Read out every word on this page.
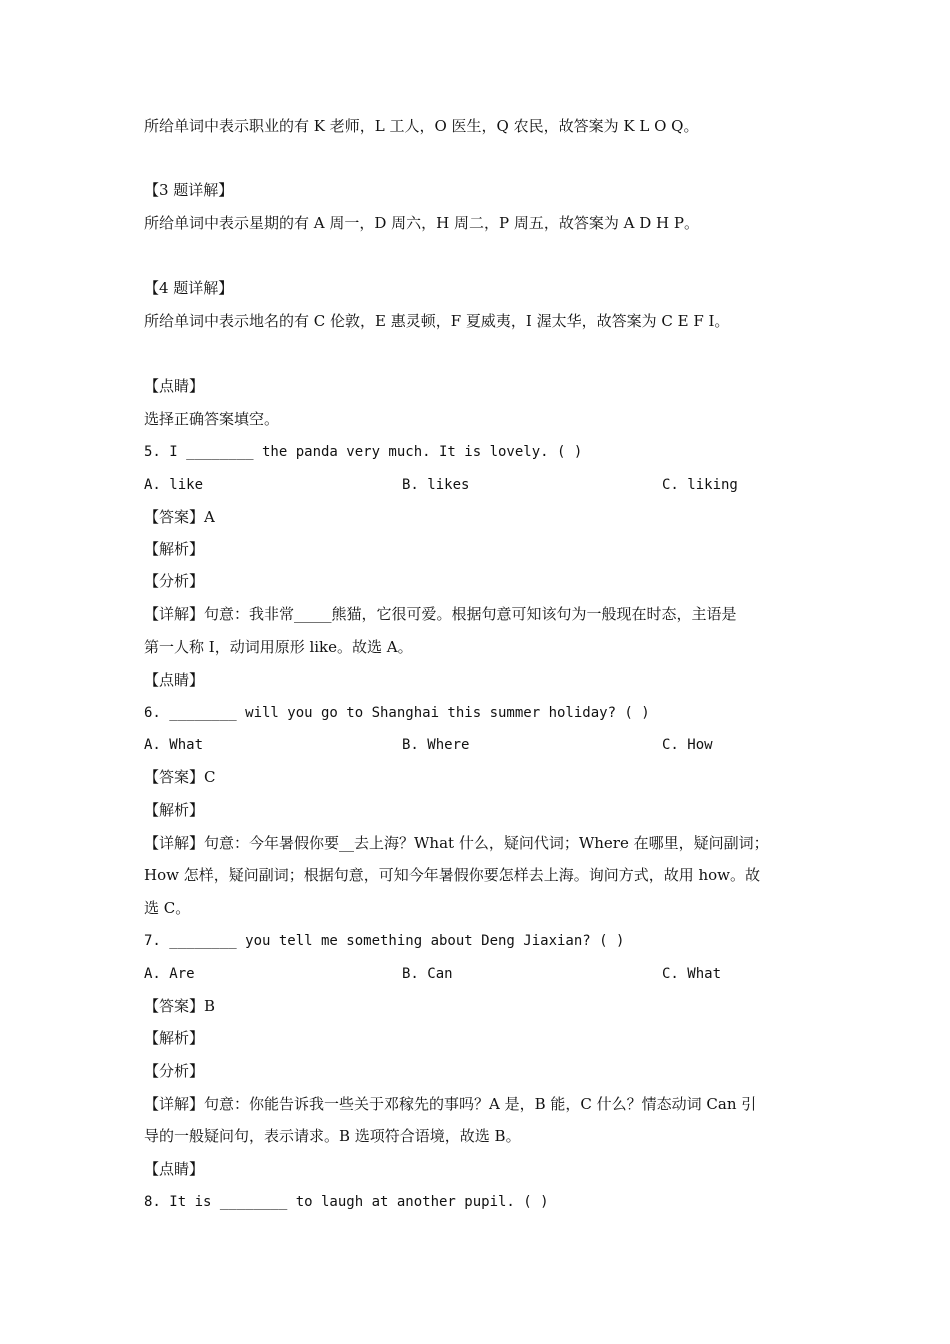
所给单词中表示职业的有 K 老师，L 工人，O 医生，Q 农民，故答案为 K L O Q。
【3 题详解】
所给单词中表示星期的有 A 周一，D 周六，H 周二，P 周五，故答案为 A D H P。
【4 题详解】
所给单词中表示地名的有 C 伦敦，E 惠灵顿，F 夏威夷，I 渥太华，故答案为 C E F I。
【点睛】
选择正确答案填空。
5. I ________ the panda very much. It is lovely. ( )
A. like	B. likes	C. liking
【答案】A
【解析】
【分析】
【详解】句意：我非常_____熊猫，它很可爱。根据句意可知该句为一般现在时态，主语是
第一人称 I，动词用原形 like。故选 A。
【点睛】
6. ________ will you go to Shanghai this summer holiday? ( )
A. What	B. Where	C. How
【答案】C
【解析】
【详解】句意：今年暑假你要__去上海？What 什么，疑问代词；Where 在哪里，疑问副词；
How 怎样，疑问副词；根据句意，可知今年暑假你要怎样去上海。询问方式，故用 how。故
选 C。
7. ________ you tell me something about Deng Jiaxian? ( )
A. Are	B. Can	C. What
【答案】B
【解析】
【分析】
【详解】句意：你能告诉我一些关于邓稼先的事吗？A 是，B 能，C 什么？情态动词 Can 引
导的一般疑问句，表示请求。B 选项符合语境，故选 B。
【点睛】
8. It is ________ to laugh at another pupil. ( )
